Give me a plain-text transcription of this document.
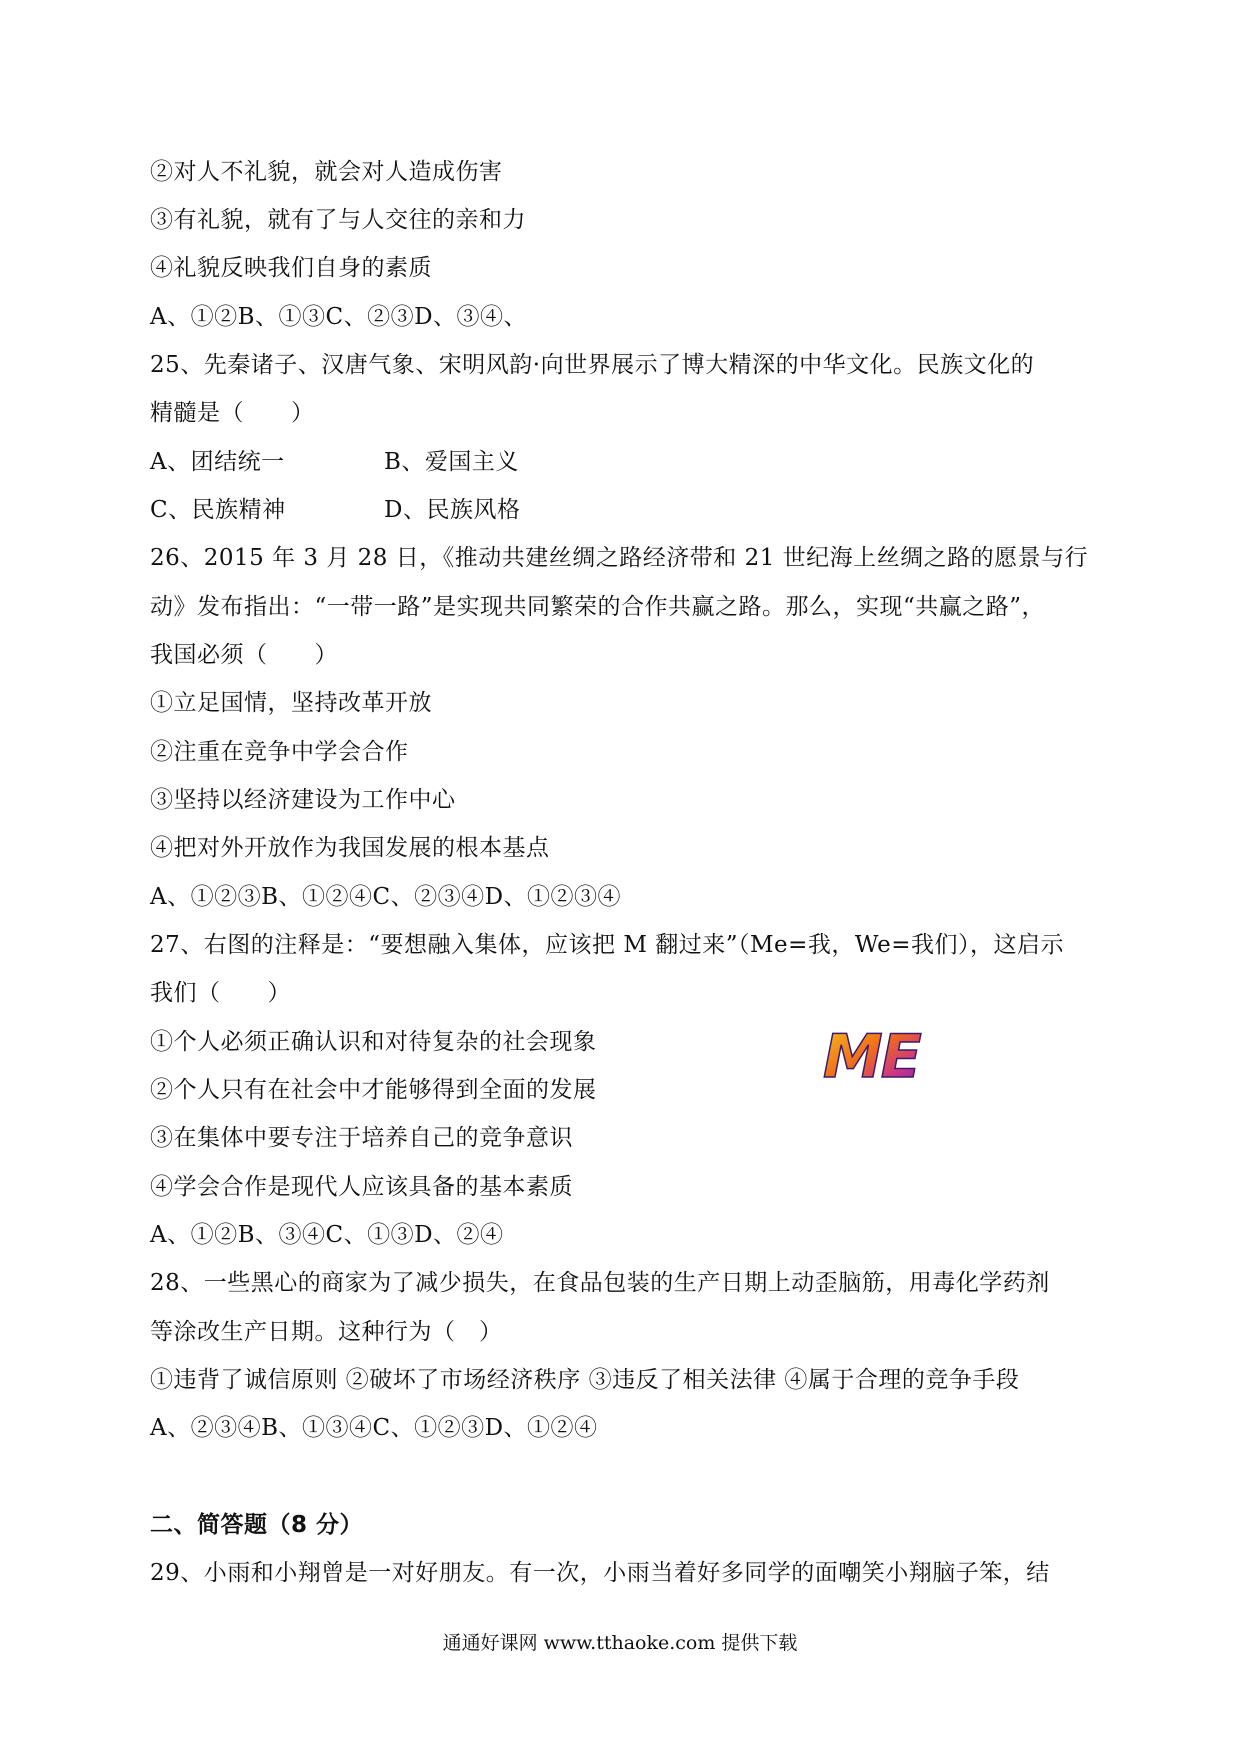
②对人不礼貌，就会对人造成伤害
③有礼貌，就有了与人交往的亲和力
④礼貌反映我们自身的素质
A、①②B、①③C、②③D、③④、
25、先秦诸子、汉唐气象、宋明风韵·向世界展示了博大精深的中华文化。民族文化的
精髓是（　　）
A、团结统一	B、爱国主义
C、民族精神	D、民族风格
26、2015 年 3 月 28 日，《推动共建丝绸之路经济带和 21 世纪海上丝绸之路的愿景与行
动》发布指出：“一带一路”是实现共同繁荣的合作共赢之路。那么，实现“共赢之路”，
我国必须（　　）
①立足国情，坚持改革开放
②注重在竞争中学会合作
③坚持以经济建设为工作中心
④把对外开放作为我国发展的根本基点
A、①②③B、①②④C、②③④D、①②③④
27、右图的注释是：“要想融入集体，应该把 M 翻过来”（Me=我，We=我们），这启示
我们（　　）
①个人必须正确认识和对待复杂的社会现象
②个人只有在社会中才能够得到全面的发展
③在集体中要专注于培养自己的竞争意识
④学会合作是现代人应该具备的基本素质
A、①②B、③④C、①③D、②④
28、一些黑心的商家为了减少损失，在食品包装的生产日期上动歪脑筋，用毒化学药剂
等涂改生产日期。这种行为（　）
①违背了诚信原则 ②破坏了市场经济秩序 ③违反了相关法律 ④属于合理的竞争手段
A、②③④B、①③④C、①②③D、①②④
二、简答题（8 分）
29、小雨和小翔曾是一对好朋友。有一次，小雨当着好多同学的面嘲笑小翔脑子笨，结
ME
通通好课网 www.tthaoke.com 提供下载
